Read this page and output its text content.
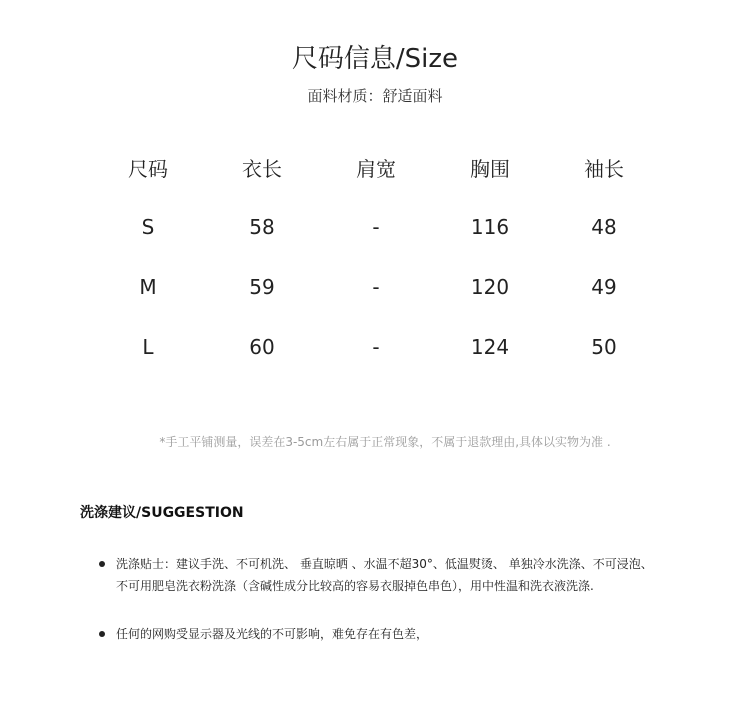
尺码信息/Size
面料材质：舒适面料
尺码	衣长	肩宽	胸围	袖长
S	58	-	116	48
M	59	-	120	49
L	60	-	124	50
*手工平铺测量，误差在3-5cm左右属于正常现象，不属于退款理由,具体以实物为准 .
洗涤建议/SUGGESTION
洗涤贴士：建议手洗、不可机洗、 垂直晾晒 、水温不超30°、低温熨烫、 单独冷水洗涤、不可浸泡、
不可用肥皂洗衣粉洗涤（含碱性成分比较高的容易衣服掉色串色），用中性温和洗衣液洗涤.
任何的网购受显示器及光线的不可影响，难免存在有色差，
